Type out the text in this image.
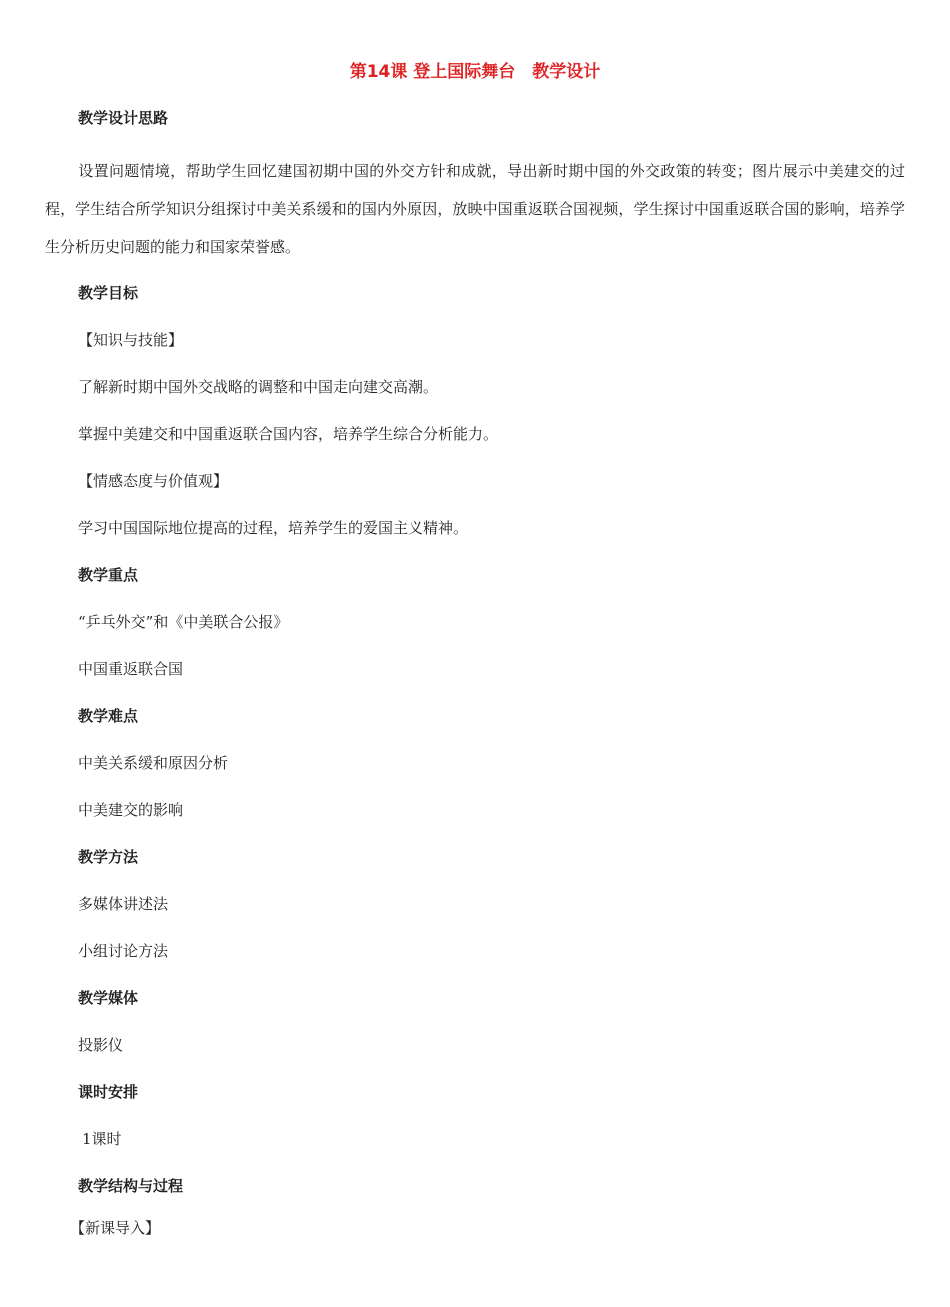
第14课 登上国际舞台　教学设计
教学设计思路
设置问题情境，帮助学生回忆建国初期中国的外交方针和成就，导出新时期中国的外交政策的转变；图片展示中美建交的过程，学生结合所学知识分组探讨中美关系缓和的国内外原因，放映中国重返联合国视频，学生探讨中国重返联合国的影响，培养学生分析历史问题的能力和国家荣誉感。
教学目标
【知识与技能】
了解新时期中国外交战略的调整和中国走向建交高潮。
掌握中美建交和中国重返联合国内容，培养学生综合分析能力。
【情感态度与价值观】
学习中国国际地位提高的过程，培养学生的爱国主义精神。
教学重点
“乒乓外交”和《中美联合公报》
中国重返联合国
教学难点
中美关系缓和原因分析
中美建交的影响
教学方法
多媒体讲述法
小组讨论方法
教学媒体
投影仪
课时安排
1课时
教学结构与过程
【新课导入】
